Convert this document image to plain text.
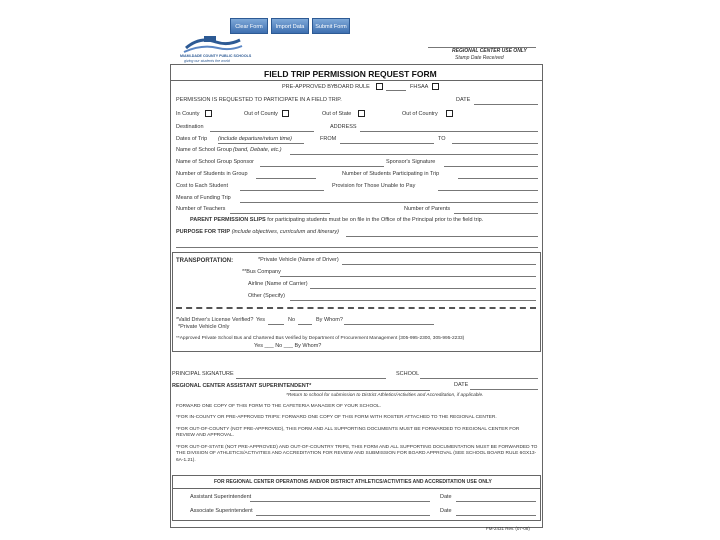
Clear Form	Import Data	Submit Form
MIAMI-DADE COUNTY PUBLIC SCHOOLS
giving our students the world
REGIONAL CENTER USE ONLY
Stamp Date Received
FIELD TRIP PERMISSION REQUEST FORM
PRE-APPROVED BY:
BOARD RULE	FHSAA
PERMISSION IS REQUESTED TO PARTICIPATE IN A FIELD TRIP.	DATE
In County	Out of County	Out of State	Out of Country
Destination	ADDRESS
Dates of Trip (include departure/return time)	FROM	TO
Name of School Group (band, Debate, etc.)
Name of School Group Sponsor	Sponsor's Signature
Number of Students in Group	Number of Students Participating in Trip
Cost to Each Student	Provision for Those Unable to Pay
Means of Funding Trip
Number of Teachers	Number of Parents
PARENT PERMISSION SLIPS for participating students must be on file in the Office of the Principal prior to the field trip.
PURPOSE FOR TRIP (include objectives, curriculum and itinerary)
TRANSPORTATION:	*Private Vehicle (Name of Driver)
**Bus Company
Airline (Name of Carrier)
Other (Specify)
*Valid Driver's License Verified? Yes	No	By Whom?
*Private Vehicle Only
**Approved Private School Bus and Chartered Bus Verified by Department of Procurement Management (305-995-2300, 305-995-2233)
Yes ___ No ___ By Whom?
PRINCIPAL SIGNATURE	SCHOOL
REGIONAL CENTER ASSISTANT SUPERINTENDENT*	DATE
*Return to school for submission to District Athletics/Activities and Accreditation, if applicable.
FORWARD ONE COPY OF THIS FORM TO THE CAFETERIA MANAGER OF YOUR SCHOOL.
*FOR IN-COUNTY OR PRE-APPROVED TRIPS: FORWARD ONE COPY OF THIS FORM WITH ROSTER ATTACHED TO THE REGIONAL CENTER.
*FOR OUT-OF-COUNTY (NOT PRE-APPROVED), THIS FORM AND ALL SUPPORTING DOCUMENTS MUST BE FORWARDED TO REGIONAL CENTER FOR REVIEW AND APPROVAL.
*FOR OUT-OF-STATE (NOT PRE-APPROVED) AND OUT-OF-COUNTRY TRIPS, THIS FORM AND ALL SUPPORTING DOCUMENTATION MUST BE FORWARDED TO THE DIVISION OF ATHLETICS/ACTIVITIES AND ACCREDITATION FOR REVIEW AND SUBMISSION FOR BOARD APPROVAL (SEE SCHOOL BOARD RULE 6GX13-6A-1.21).
FOR REGIONAL CENTER OPERATIONS AND/OR DISTRICT ATHLETICS/ACTIVITIES AND ACCREDITATION USE ONLY
Assistant Superintendent	Date
Associate Superintendent	Date
FM-2431 Rev. (07-08)
